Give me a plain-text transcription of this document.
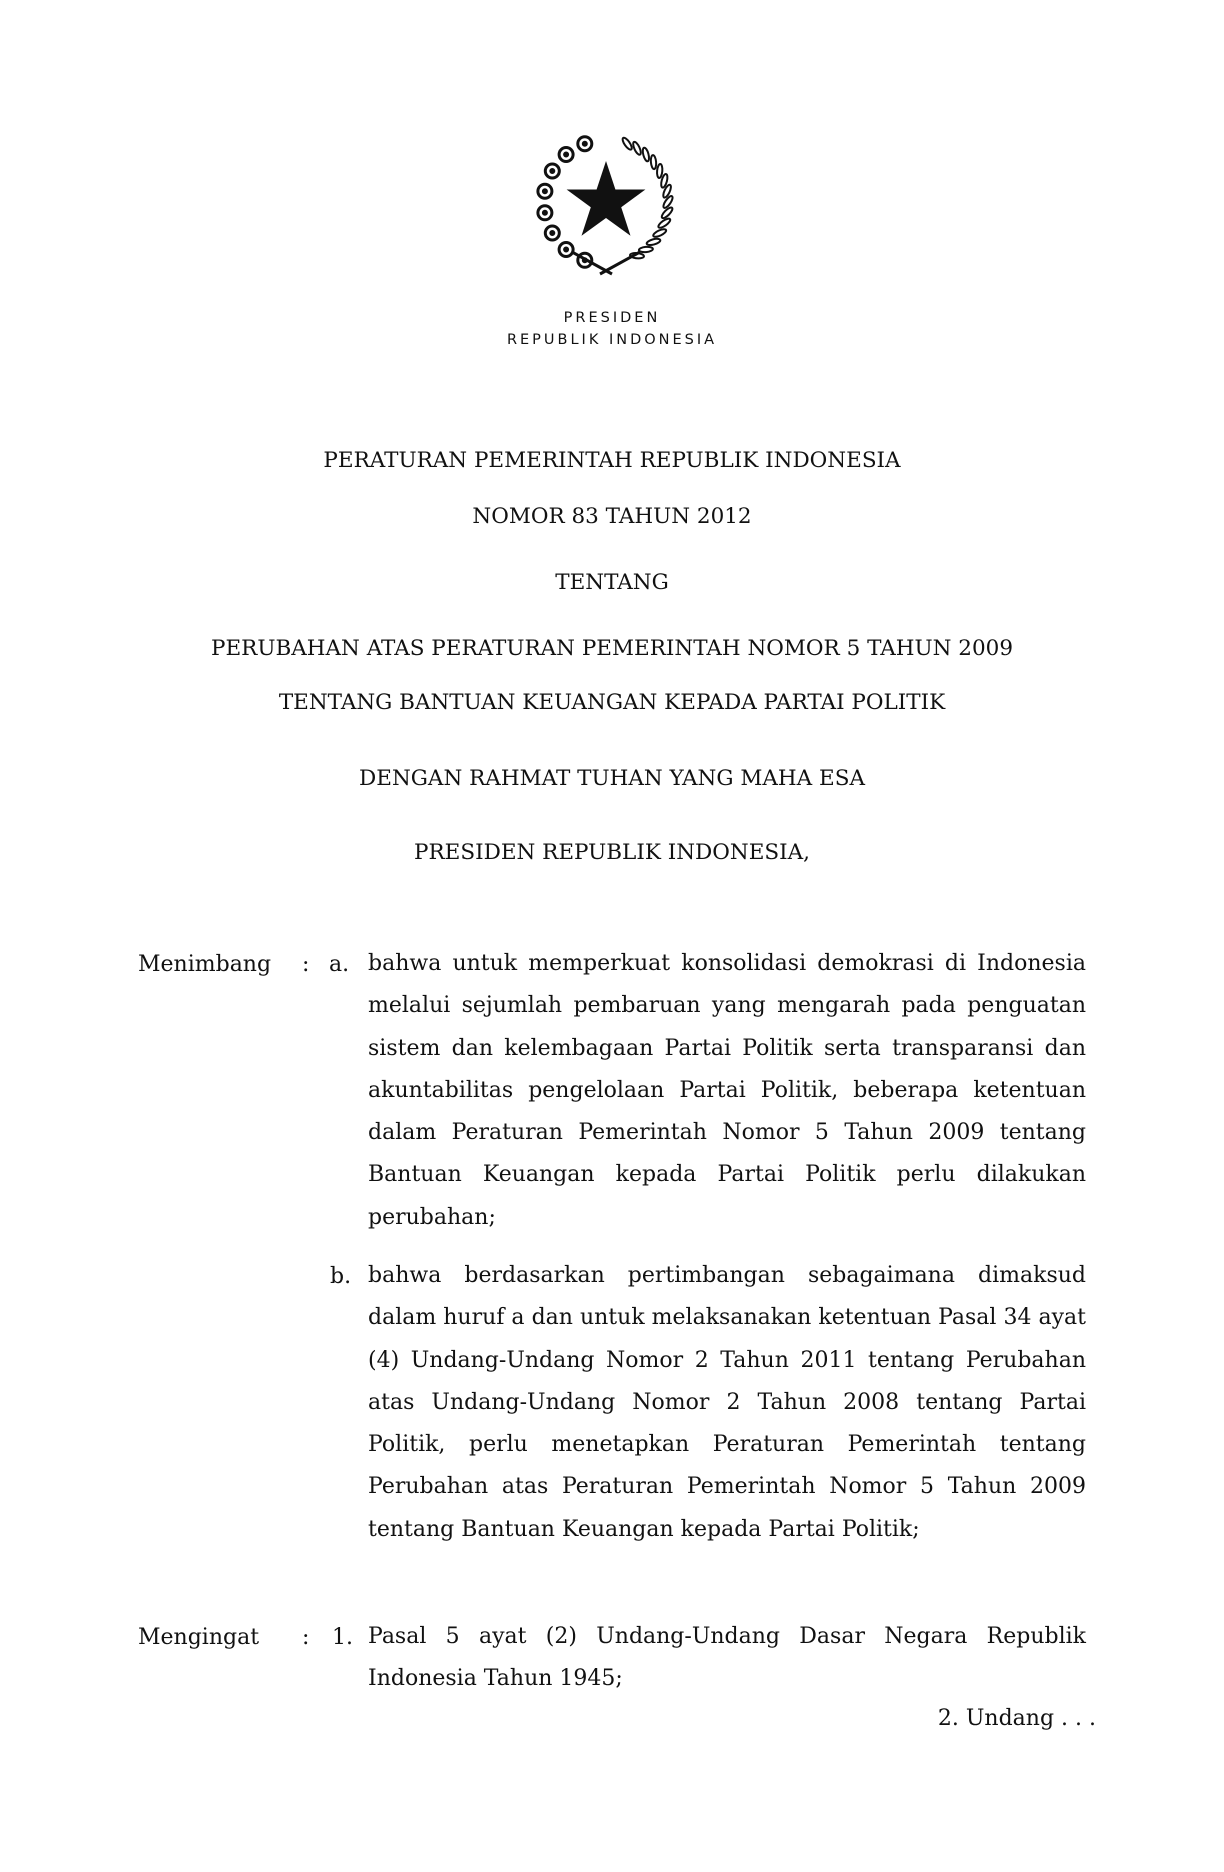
PRESIDEN
REPUBLIK INDONESIA
PERATURAN PEMERINTAH REPUBLIK INDONESIA
NOMOR 83 TAHUN 2012
TENTANG
PERUBAHAN ATAS PERATURAN PEMERINTAH NOMOR 5 TAHUN 2009
TENTANG BANTUAN KEUANGAN KEPADA PARTAI POLITIK
DENGAN RAHMAT TUHAN YANG MAHA ESA
PRESIDEN REPUBLIK INDONESIA,
Menimbang : a. bahwa untuk memperkuat konsolidasi demokrasi di Indonesia melalui sejumlah pembaruan yang mengarah pada penguatan sistem dan kelembagaan Partai Politik serta transparansi dan akuntabilitas pengelolaan Partai Politik, beberapa ketentuan dalam Peraturan Pemerintah Nomor 5 Tahun 2009 tentang Bantuan Keuangan kepada Partai Politik perlu dilakukan perubahan;

b. bahwa berdasarkan pertimbangan sebagaimana dimaksud dalam huruf a dan untuk melaksanakan ketentuan Pasal 34 ayat (4) Undang-Undang Nomor 2 Tahun 2011 tentang Perubahan atas Undang-Undang Nomor 2 Tahun 2008 tentang Partai Politik, perlu menetapkan Peraturan Pemerintah tentang Perubahan atas Peraturan Pemerintah Nomor 5 Tahun 2009 tentang Bantuan Keuangan kepada Partai Politik;

Mengingat : 1. Pasal 5 ayat (2) Undang-Undang Dasar Negara Republik Indonesia Tahun 1945;

2. Undang . . .
